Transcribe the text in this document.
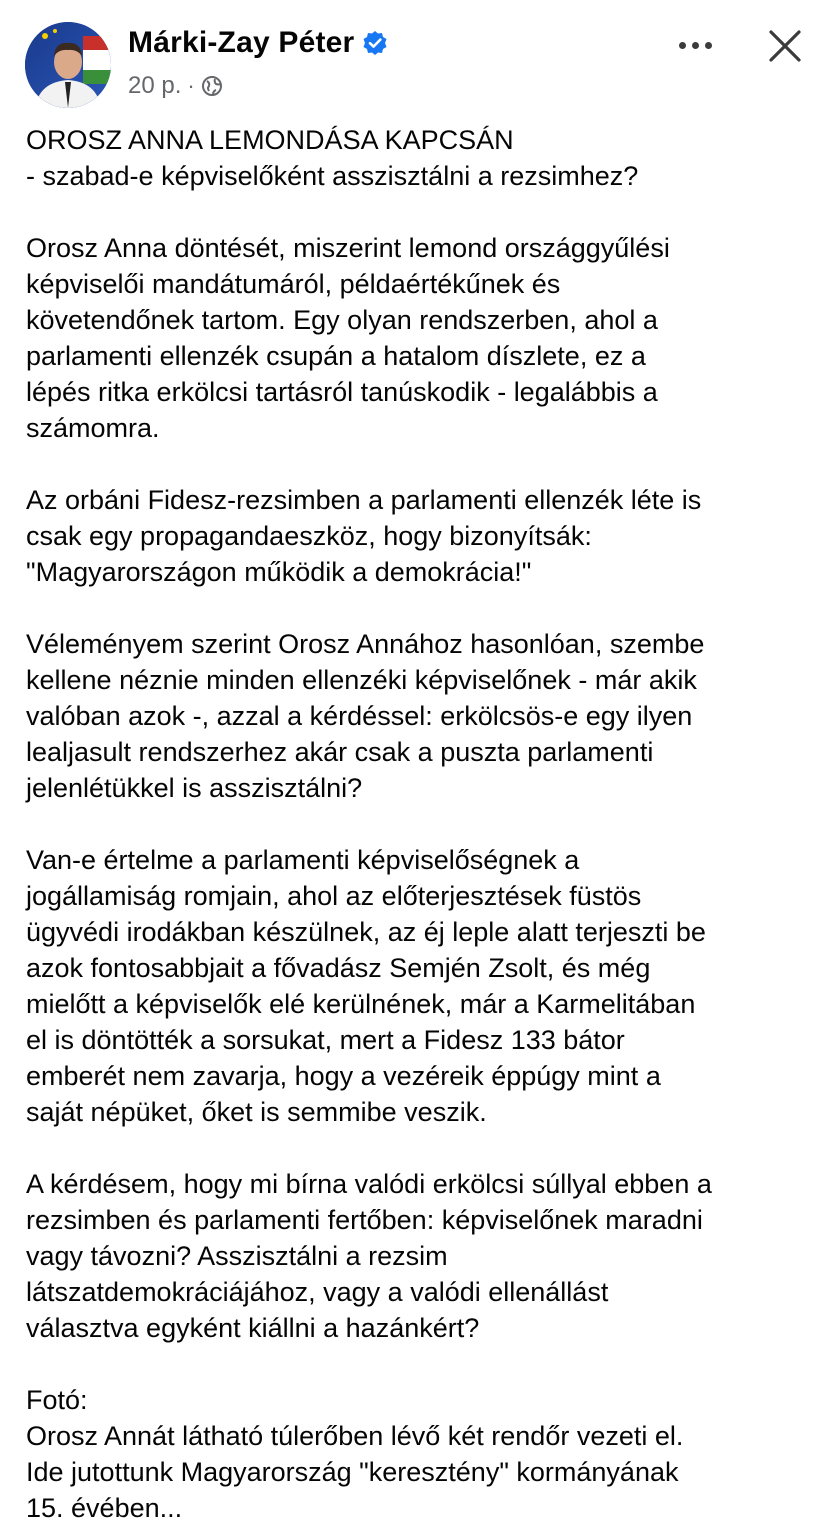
Márki-Zay Péter
20 p. ·

OROSZ ANNA LEMONDÁSA KAPCSÁN
- szabad-e képviselőként asszisztálni a rezsimhez?

Orosz Anna döntését, miszerint lemond országgyűlési
képviselői mandátumáról, példaértékűnek és
követendőnek tartom. Egy olyan rendszerben, ahol a
parlamenti ellenzék csupán a hatalom díszlete, ez a
lépés ritka erkölcsi tartásról tanúskodik - legalábbis a
számomra.

Az orbáni Fidesz-rezsimben a parlamenti ellenzék léte is
csak egy propagandaeszköz, hogy bizonyítsák:
"Magyarországon működik a demokrácia!"

Véleményem szerint Orosz Annához hasonlóan, szembe
kellene néznie minden ellenzéki képviselőnek - már akik
valóban azok -, azzal a kérdéssel: erkölcsös-e egy ilyen
lealjasult rendszerhez akár csak a puszta parlamenti
jelenlétükkel is asszisztálni?

Van-e értelme a parlamenti képviselőségnek a
jogállamiság romjain, ahol az előterjesztések füstös
ügyvédi irodákban készülnek, az éj leple alatt terjeszti be
azok fontosabbjait a fővadász Semjén Zsolt, és még
mielőtt a képviselők elé kerülnének, már a Karmelitában
el is döntötték a sorsukat, mert a Fidesz 133 bátor
emberét nem zavarja, hogy a vezéreik éppúgy mint a
saját népüket, őket is semmibe veszik.

A kérdésem, hogy mi bírna valódi erkölcsi súllyal ebben a
rezsimben és parlamenti fertőben: képviselőnek maradni
vagy távozni? Asszisztálni a rezsim
látszatdemokráciájához, vagy a valódi ellenállást
választva egyként kiállni a hazánkért?

Fotó:
Orosz Annát látható túlerőben lévő két rendőr vezeti el.
Ide jutottunk Magyarország "keresztény" kormányának
15. évében...
